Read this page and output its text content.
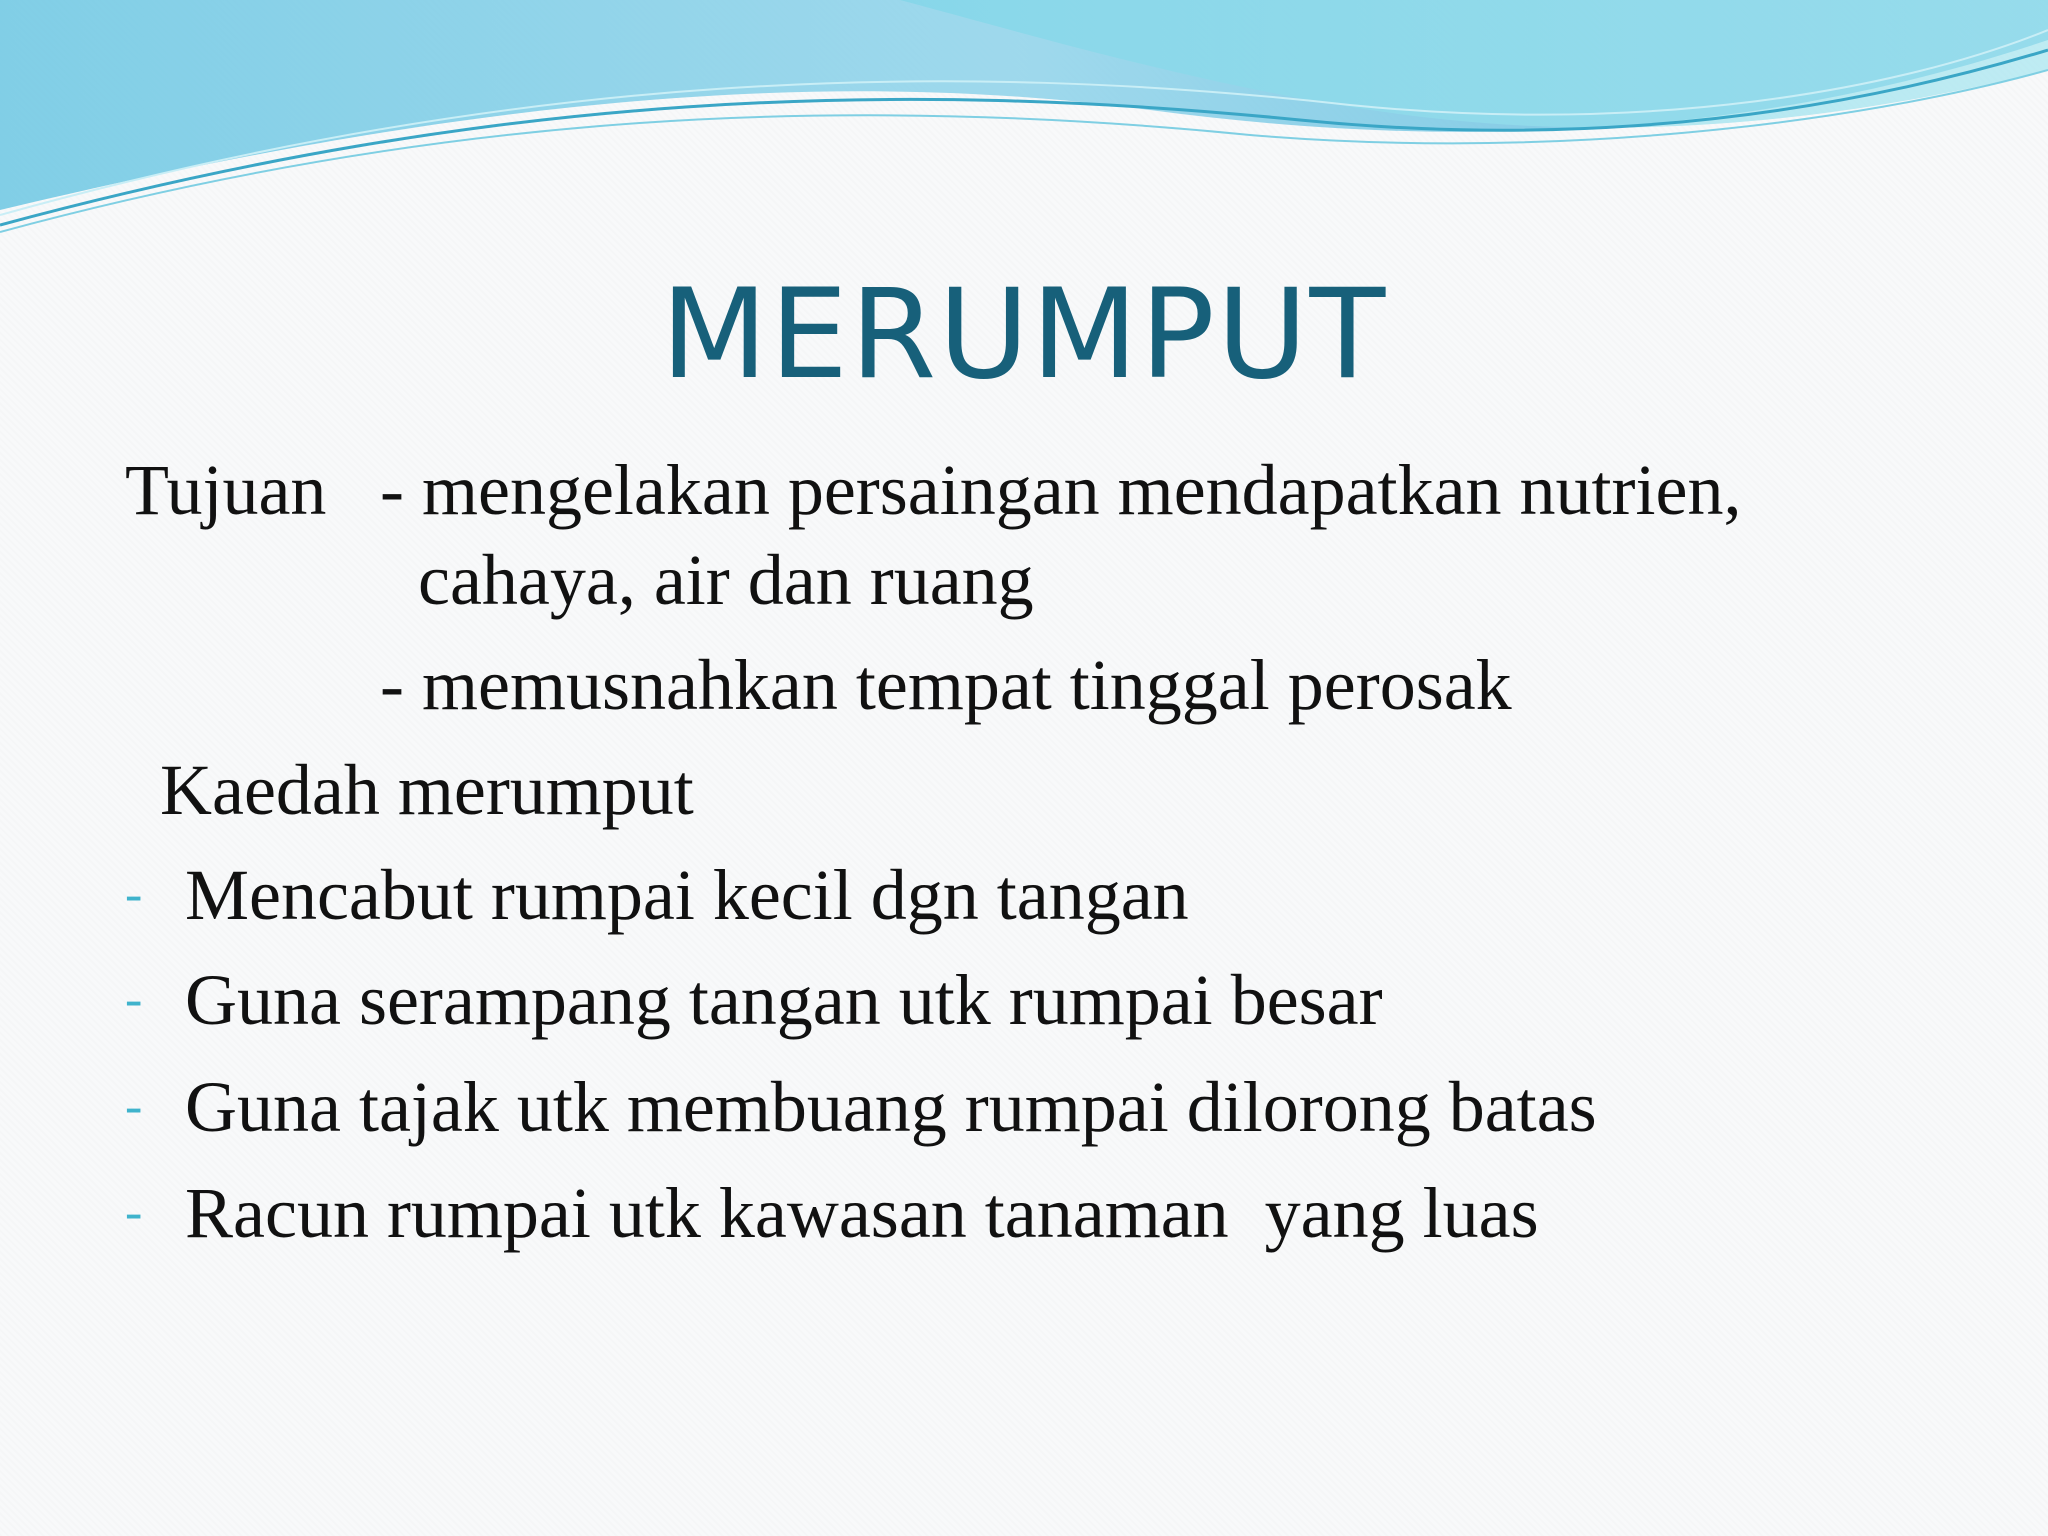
MERUMPUT
Tujuan - mengelakan persaingan mendapatkan nutrien,
cahaya, air dan ruang
- memusnahkan tempat tinggal perosak
Kaedah merumput
- Mencabut rumpai kecil dgn tangan
- Guna serampang tangan utk rumpai besar
- Guna tajak utk membuang rumpai dilorong batas
- Racun rumpai utk kawasan tanaman  yang luas
